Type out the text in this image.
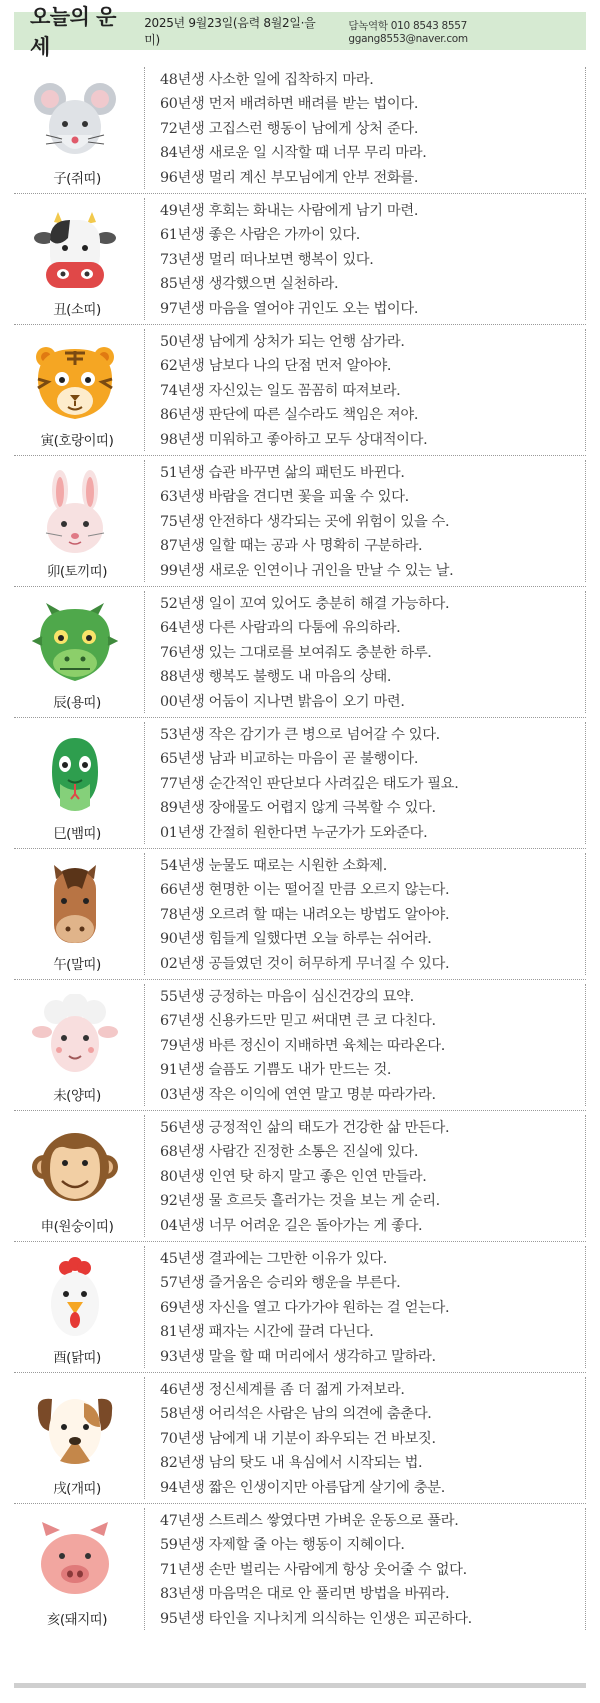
오늘의 운세
2025년 9월23일(음력 8월2일·을미)
담녹역학 010 8543 8557 ggang8553@naver.com
子(쥐띠)
48년생 사소한 일에 집착하지 마라.
60년생 먼저 배려하면 배려를 받는 법이다.
72년생 고집스런 행동이 남에게 상처 준다.
84년생 새로운 일 시작할 때 너무 무리 마라.
96년생 멀리 계신 부모님에게 안부 전화를.
丑(소띠)
49년생 후회는 화내는 사람에게 남기 마련.
61년생 좋은 사람은 가까이 있다.
73년생 멀리 떠나보면 행복이 있다.
85년생 생각했으면 실천하라.
97년생 마음을 열어야 귀인도 오는 법이다.
寅(호랑이띠)
50년생 남에게 상처가 되는 언행 삼가라.
62년생 남보다 나의 단점 먼저 알아야.
74년생 자신있는 일도 꼼꼼히 따져보라.
86년생 판단에 따른 실수라도 책임은 져야.
98년생 미워하고 좋아하고 모두 상대적이다.
卯(토끼띠)
51년생 습관 바꾸면 삶의 패턴도 바뀐다.
63년생 바람을 견디면 꽃을 피울 수 있다.
75년생 안전하다 생각되는 곳에 위험이 있을 수.
87년생 일할 때는 공과 사 명확히 구분하라.
99년생 새로운 인연이나 귀인을 만날 수 있는 날.
辰(용띠)
52년생 일이 꼬여 있어도 충분히 해결 가능하다.
64년생 다른 사람과의 다툼에 유의하라.
76년생 있는 그대로를 보여줘도 충분한 하루.
88년생 행복도 불행도 내 마음의 상태.
00년생 어둠이 지나면 밝음이 오기 마련.
巳(뱀띠)
53년생 작은 감기가 큰 병으로 넘어갈 수 있다.
65년생 남과 비교하는 마음이 곧 불행이다.
77년생 순간적인 판단보다 사려깊은 태도가 필요.
89년생 장애물도 어렵지 않게 극복할 수 있다.
01년생 간절히 원한다면 누군가가 도와준다.
午(말띠)
54년생 눈물도 때로는 시원한 소화제.
66년생 현명한 이는 떨어질 만큼 오르지 않는다.
78년생 오르려 할 때는 내려오는 방법도 알아야.
90년생 힘들게 일했다면 오늘 하루는 쉬어라.
02년생 공들였던 것이 허무하게 무너질 수 있다.
未(양띠)
55년생 긍정하는 마음이 심신건강의 묘약.
67년생 신용카드만 믿고 써대면 큰 코 다친다.
79년생 바른 정신이 지배하면 육체는 따라온다.
91년생 슬픔도 기쁨도 내가 만드는 것.
03년생 작은 이익에 연연 말고 명분 따라가라.
申(원숭이띠)
56년생 긍정적인 삶의 태도가 건강한 삶 만든다.
68년생 사람간 진정한 소통은 진실에 있다.
80년생 인연 탓 하지 말고 좋은 인연 만들라.
92년생 물 흐르듯 흘러가는 것을 보는 게 순리.
04년생 너무 어려운 길은 돌아가는 게 좋다.
酉(닭띠)
45년생 결과에는 그만한 이유가 있다.
57년생 즐거움은 승리와 행운을 부른다.
69년생 자신을 열고 다가가야 원하는 걸 얻는다.
81년생 패자는 시간에 끌려 다닌다.
93년생 말을 할 때 머리에서 생각하고 말하라.
戌(개띠)
46년생 정신세계를 좀 더 젊게 가져보라.
58년생 어리석은 사람은 남의 의견에 춤춘다.
70년생 남에게 내 기분이 좌우되는 건 바보짓.
82년생 남의 탓도 내 욕심에서 시작되는 법.
94년생 짧은 인생이지만 아름답게 살기에 충분.
亥(돼지띠)
47년생 스트레스 쌓였다면 가벼운 운동으로 풀라.
59년생 자제할 줄 아는 행동이 지혜이다.
71년생 손만 벌리는 사람에게 항상 웃어줄 수 없다.
83년생 마음먹은 대로 안 풀리면 방법을 바꿔라.
95년생 타인을 지나치게 의식하는 인생은 피곤하다.
